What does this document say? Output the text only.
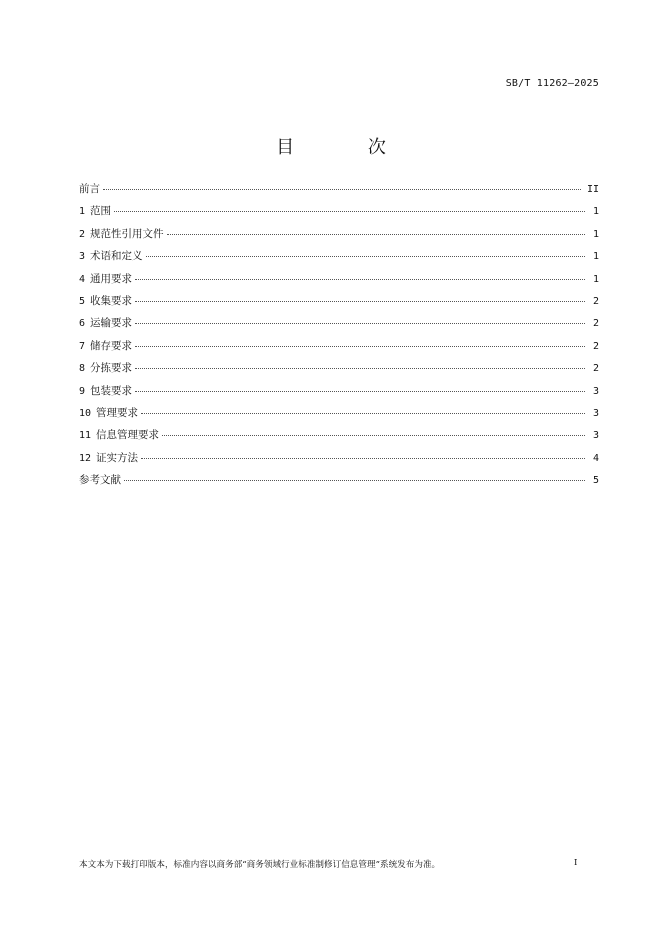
SB/T 11262—2025
目 次
前言	II
1 范围	1
2 规范性引用文件	1
3 术语和定义	1
4 通用要求	1
5 收集要求	2
6 运输要求	2
7 储存要求	2
8 分拣要求	2
9 包装要求	3
10 管理要求	3
11 信息管理要求	3
12 证实方法	4
参考文献	5
本文本为下载打印版本，标准内容以商务部“商务领域行业标准制修订信息管理”系统发布为准。	I
